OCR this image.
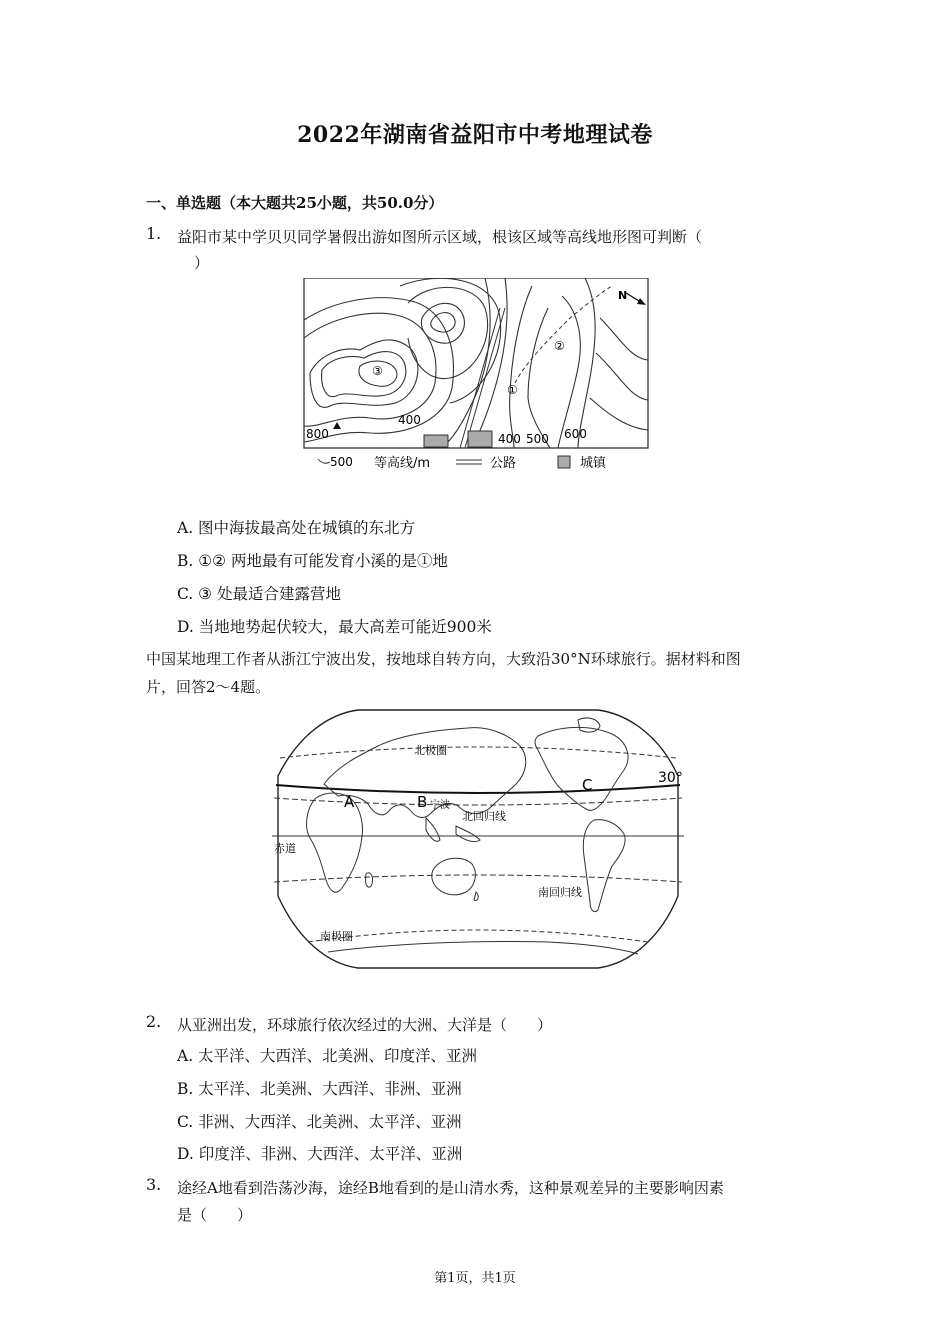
2022年湖南省益阳市中考地理试卷
一、单选题（本大题共25小题，共50.0分）
1. 益阳市某中学贝贝同学暑假出游如图所示区域，根该区域等高线地形图可判断（
）
③
①
②
N
800
400
400 500 600
500 等高线/m	公路	城镇
A. 图中海拔最高处在城镇的东北方
B. ①② 两地最有可能发育小溪的是①地
C. ③ 处最适合建露营地
D. 当地地势起伏较大，最大高差可能近900米
中国某地理工作者从浙江宁波出发，按地球自转方向，大致沿30°N环球旅行。据材料和图
片，回答2～4题。
A	B
C
宁波
30°
北极圈
北回归线
赤道
南回归线
南极圈
2. 从亚洲出发，环球旅行依次经过的大洲、大洋是（　　）
A. 太平洋、大西洋、北美洲、印度洋、亚洲
B. 太平洋、北美洲、大西洋、非洲、亚洲
C. 非洲、大西洋、北美洲、太平洋、亚洲
D. 印度洋、非洲、大西洋、太平洋、亚洲
3. 途经A地看到浩荡沙海，途经B地看到的是山清水秀，这种景观差异的主要影响因素
是（　　）
第1页，共1页
